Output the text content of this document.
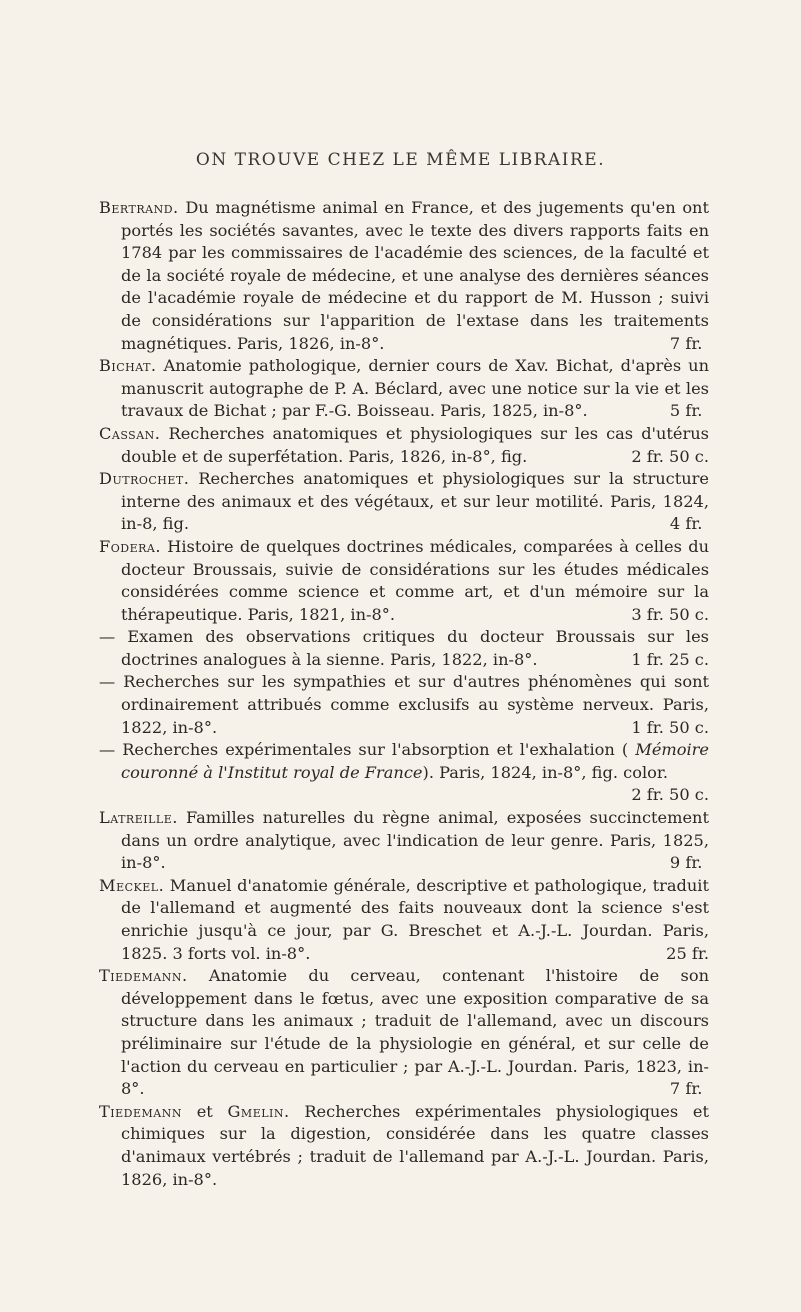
ON TROUVE CHEZ LE MÊME LIBRAIRE.

Bertrand. Du magnétisme animal en France, et des jugements qu'en ont portés les sociétés savantes, avec le texte des divers rapports faits en 1784 par les commissaires de l'académie des sciences, de la faculté et de la société royale de médecine, et une analyse des dernières séances de l'académie royale de médecine et du rapport de M. Husson ; suivi de considérations sur l'apparition de l'extase dans les traitements magnétiques. Paris, 1826, in-8°.	7 fr.

Bichat. Anatomie pathologique, dernier cours de Xav. Bichat, d'après un manuscrit autographe de P. A. Béclard, avec une notice sur la vie et les travaux de Bichat ; par F.-G. Boisseau. Paris, 1825, in-8°.	5 fr.

Cassan. Recherches anatomiques et physiologiques sur les cas d'utérus double et de superfétation. Paris, 1826, in-8°, fig.	2 fr. 50 c.

Dutrochet. Recherches anatomiques et physiologiques sur la structure interne des animaux et des végétaux, et sur leur motilité. Paris, 1824, in-8, fig.	4 fr.

Fodera. Histoire de quelques doctrines médicales, comparées à celles du docteur Broussais, suivie de considérations sur les études médicales considérées comme science et comme art, et d'un mémoire sur la thérapeutique. Paris, 1821, in-8°.	3 fr. 50 c.

— Examen des observations critiques du docteur Broussais sur les doctrines analogues à la sienne. Paris, 1822, in-8°.	1 fr. 25 c.

— Recherches sur les sympathies et sur d'autres phénomènes qui sont ordinairement attribués comme exclusifs au système nerveux. Paris, 1822, in-8°.	1 fr. 50 c.

— Recherches expérimentales sur l'absorption et l'exhalation ( Mémoire couronné à l'Institut royal de France). Paris, 1824, in-8°, fig. color.
2 fr. 50 c.

Latreille. Familles naturelles du règne animal, exposées succinctement dans un ordre analytique, avec l'indication de leur genre. Paris, 1825, in-8°.	9 fr.

Meckel. Manuel d'anatomie générale, descriptive et pathologique, traduit de l'allemand et augmenté des faits nouveaux dont la science s'est enrichie jusqu'à ce jour, par G. Breschet et A.-J.-L. Jourdan. Paris, 1825. 3 forts vol. in-8°.	25 fr.

Tiedemann. Anatomie du cerveau, contenant l'histoire de son développement dans le fœtus, avec une exposition comparative de sa structure dans les animaux ; traduit de l'allemand, avec un discours préliminaire sur l'étude de la physiologie en général, et sur celle de l'action du cerveau en particulier ; par A.-J.-L. Jourdan. Paris, 1823, in-8°.	7 fr.

Tiedemann et Gmelin. Recherches expérimentales physiologiques et chimiques sur la digestion, considérée dans les quatre classes d'animaux vertébrés ; traduit de l'allemand par A.-J.-L. Jourdan. Paris, 1826, in-8°.
